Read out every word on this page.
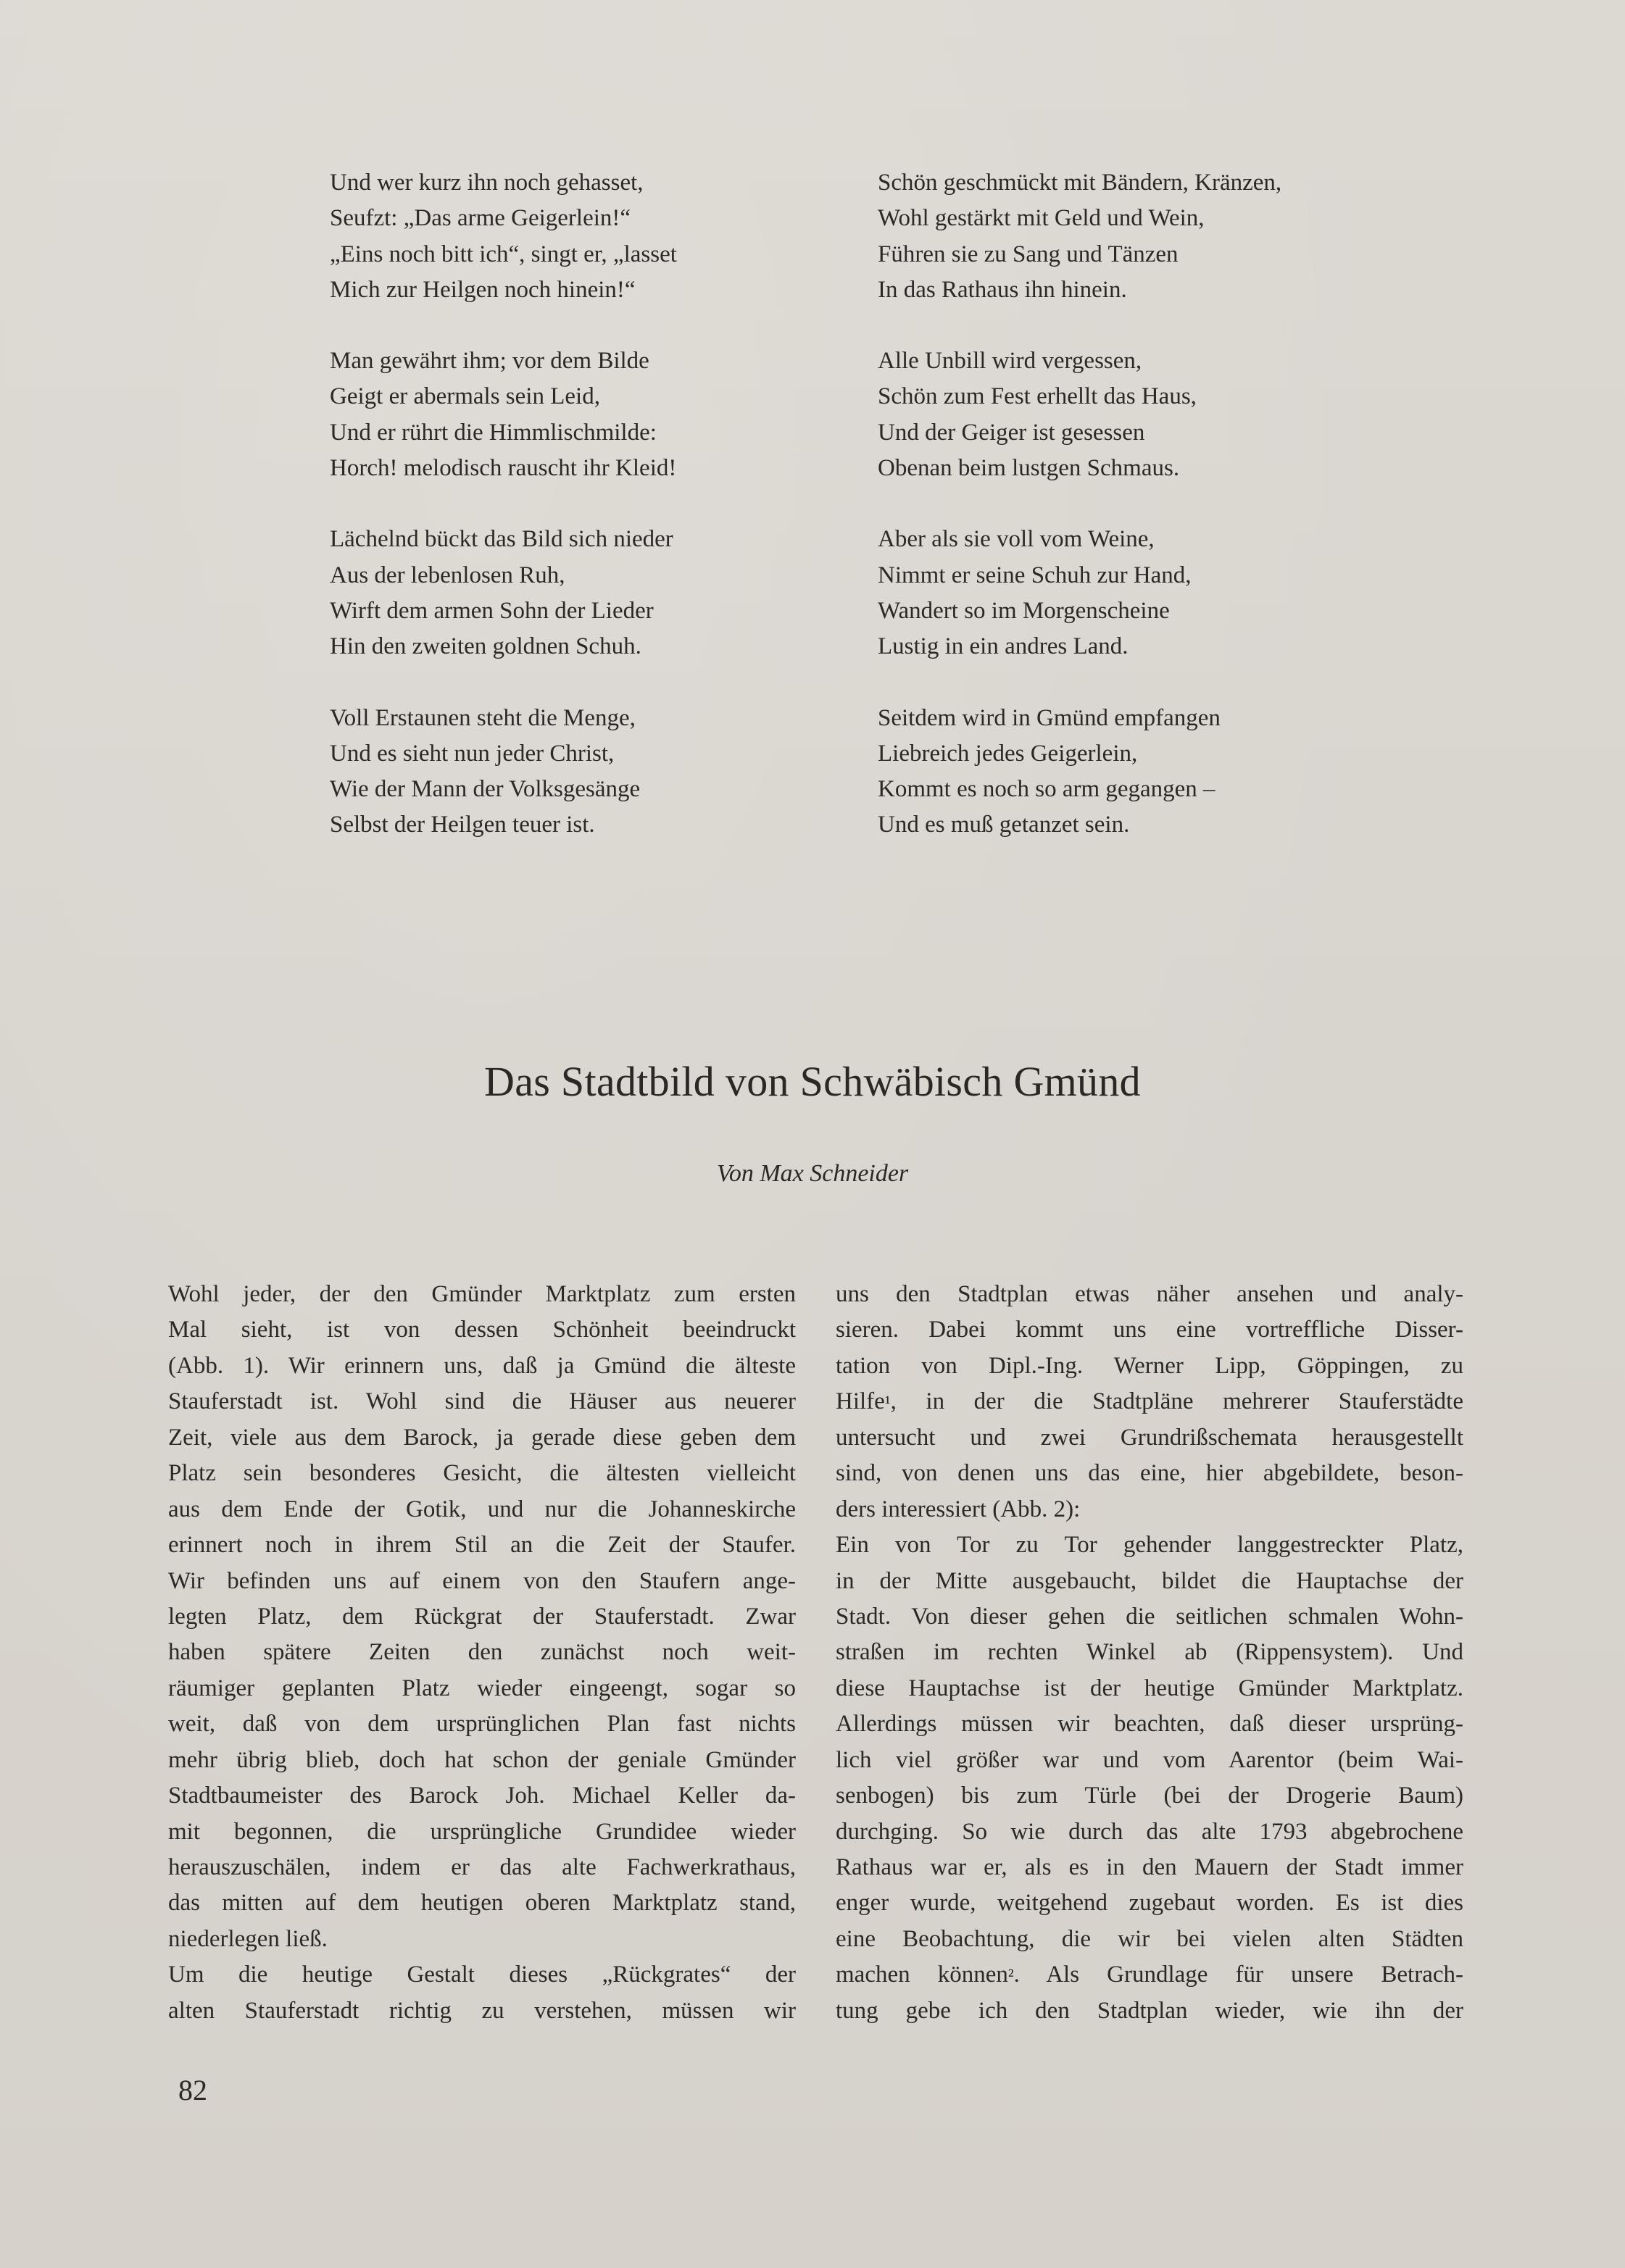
Und wer kurz ihn noch gehasset,
Seufzt: „Das arme Geigerlein!“
„Eins noch bitt ich“, singt er, „lasset
Mich zur Heilgen noch hinein!“
Man gewährt ihm; vor dem Bilde
Geigt er abermals sein Leid,
Und er rührt die Himmlischmilde:
Horch! melodisch rauscht ihr Kleid!
Lächelnd bückt das Bild sich nieder
Aus der lebenlosen Ruh,
Wirft dem armen Sohn der Lieder
Hin den zweiten goldnen Schuh.
Voll Erstaunen steht die Menge,
Und es sieht nun jeder Christ,
Wie der Mann der Volksgesänge
Selbst der Heilgen teuer ist.
Schön geschmückt mit Bändern, Kränzen,
Wohl gestärkt mit Geld und Wein,
Führen sie zu Sang und Tänzen
In das Rathaus ihn hinein.
Alle Unbill wird vergessen,
Schön zum Fest erhellt das Haus,
Und der Geiger ist gesessen
Obenan beim lustgen Schmaus.
Aber als sie voll vom Weine,
Nimmt er seine Schuh zur Hand,
Wandert so im Morgenscheine
Lustig in ein andres Land.
Seitdem wird in Gmünd empfangen
Liebreich jedes Geigerlein,
Kommt es noch so arm gegangen –
Und es muß getanzet sein.
Das Stadtbild von Schwäbisch Gmünd
Von Max Schneider
Wohl jeder, der den Gmünder Marktplatz zum ersten
Mal sieht, ist von dessen Schönheit beeindruckt
(Abb. 1). Wir erinnern uns, daß ja Gmünd die älteste
Stauferstadt ist. Wohl sind die Häuser aus neuerer
Zeit, viele aus dem Barock, ja gerade diese geben dem
Platz sein besonderes Gesicht, die ältesten vielleicht
aus dem Ende der Gotik, und nur die Johanneskirche
erinnert noch in ihrem Stil an die Zeit der Staufer.
Wir befinden uns auf einem von den Staufern ange-
legten Platz, dem Rückgrat der Stauferstadt. Zwar
haben spätere Zeiten den zunächst noch weit-
räumiger geplanten Platz wieder eingeengt, sogar so
weit, daß von dem ursprünglichen Plan fast nichts
mehr übrig blieb, doch hat schon der geniale Gmünder
Stadtbaumeister des Barock Joh. Michael Keller da-
mit begonnen, die ursprüngliche Grundidee wieder
herauszuschälen, indem er das alte Fachwerkrathaus,
das mitten auf dem heutigen oberen Marktplatz stand,
niederlegen ließ.
Um die heutige Gestalt dieses „Rückgrates“ der
alten Stauferstadt richtig zu verstehen, müssen wir
uns den Stadtplan etwas näher ansehen und analy-
sieren. Dabei kommt uns eine vortreffliche Disser-
tation von Dipl.-Ing. Werner Lipp, Göppingen, zu
Hilfe¹, in der die Stadtpläne mehrerer Stauferstädte
untersucht und zwei Grundrißschemata herausgestellt
sind, von denen uns das eine, hier abgebildete, beson-
ders interessiert (Abb. 2):
Ein von Tor zu Tor gehender langgestreckter Platz,
in der Mitte ausgebaucht, bildet die Hauptachse der
Stadt. Von dieser gehen die seitlichen schmalen Wohn-
straßen im rechten Winkel ab (Rippensystem). Und
diese Hauptachse ist der heutige Gmünder Marktplatz.
Allerdings müssen wir beachten, daß dieser ursprüng-
lich viel größer war und vom Aarentor (beim Wai-
senbogen) bis zum Türle (bei der Drogerie Baum)
durchging. So wie durch das alte 1793 abgebrochene
Rathaus war er, als es in den Mauern der Stadt immer
enger wurde, weitgehend zugebaut worden. Es ist dies
eine Beobachtung, die wir bei vielen alten Städten
machen können². Als Grundlage für unsere Betrach-
tung gebe ich den Stadtplan wieder, wie ihn der
82
